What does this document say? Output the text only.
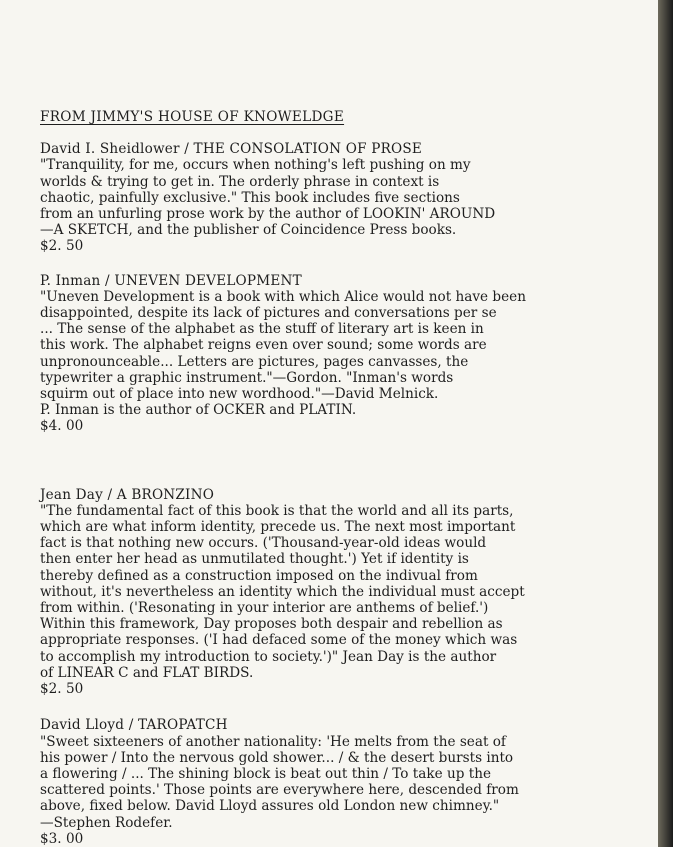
FROM JIMMY'S HOUSE OF KNOWELDGE
David I. Sheidlower / THE CONSOLATION OF PROSE
"Tranquility, for me, occurs when nothing's left pushing on my
worlds & trying to get in. The orderly phrase in context is
chaotic, painfully exclusive." This book includes five sections
from an unfurling prose work by the author of LOOKIN' AROUND
—A SKETCH, and the publisher of Coincidence Press books.
$2. 50
P. Inman / UNEVEN DEVELOPMENT
"Uneven Development is a book with which Alice would not have been
disappointed, despite its lack of pictures and conversations per se
... The sense of the alphabet as the stuff of literary art is keen in
this work. The alphabet reigns even over sound; some words are
unpronounceable... Letters are pictures, pages canvasses, the
typewriter a graphic instrument."—Gordon. "Inman's words
squirm out of place into new wordhood."—David Melnick.
P. Inman is the author of OCKER and PLATIN.
$4. 00
Jean Day / A BRONZINO
"The fundamental fact of this book is that the world and all its parts,
which are what inform identity, precede us. The next most important
fact is that nothing new occurs. ('Thousand-year-old ideas would
then enter her head as unmutilated thought.') Yet if identity is
thereby defined as a construction imposed on the indivual from
without, it's nevertheless an identity which the individual must accept
from within. ('Resonating in your interior are anthems of belief.')
Within this framework, Day proposes both despair and rebellion as
appropriate responses. ('I had defaced some of the money which was
to accomplish my introduction to society.')" Jean Day is the author
of LINEAR C and FLAT BIRDS.
$2. 50
David Lloyd / TAROPATCH
"Sweet sixteeners of another nationality: 'He melts from the seat of
his power / Into the nervous gold shower... / & the desert bursts into
a flowering / ... The shining block is beat out thin / To take up the
scattered points.' Those points are everywhere here, descended from
above, fixed below. David Lloyd assures old London new chimney."
—Stephen Rodefer.
$3. 00
